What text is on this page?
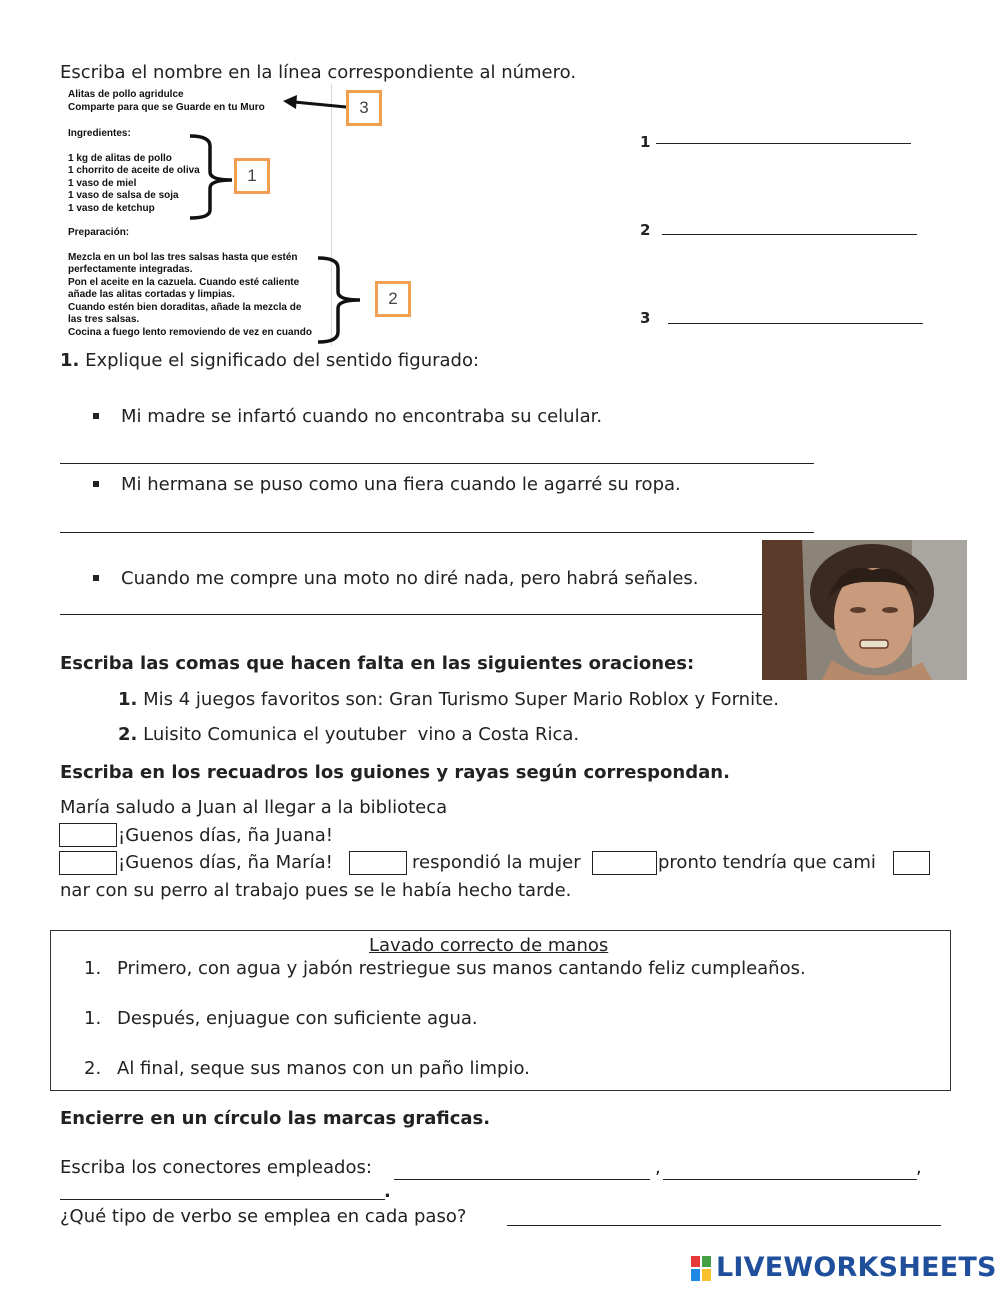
Escriba el nombre en la línea correspondiente al número.
Alitas de pollo agridulce
Comparte para que se Guarde en tu Muro
Ingredientes:
1 kg de alitas de pollo
1 chorrito de aceite de oliva
1 vaso de miel
1 vaso de salsa de soja
1 vaso de ketchup
Preparación:
Mezcla en un bol las tres salsas hasta que estén
perfectamente integradas.
Pon el aceite en la cazuela. Cuando esté caliente
añade las alitas cortadas y limpias.
Cuando estén bien doraditas, añade la mezcla de
las tres salsas.
Cocina a fuego lento removiendo de vez en cuando
3
1
2
1
2
3
1. Explique el significado del sentido figurado:
Mi madre se infartó cuando no encontraba su celular.
Mi hermana se puso como una fiera cuando le agarré su ropa.
Cuando me compre una moto no diré nada, pero habrá señales.
Escriba las comas que hacen falta en las siguientes oraciones:
1. Mis 4 juegos favoritos son: Gran Turismo Super Mario Roblox y Fornite.
2. Luisito Comunica el youtuber  vino a Costa Rica.
Escriba en los recuadros los guiones y rayas según correspondan.
María saludo a Juan al llegar a la biblioteca
¡Guenos días, ña Juana!
¡Guenos días, ña María!	respondió la mujer	pronto tendría que cami
nar con su perro al trabajo pues se le había hecho tarde.
Lavado correcto de manos
1. Primero, con agua y jabón restriegue sus manos cantando feliz cumpleaños.
1. Después, enjuague con suficiente agua.
2. Al final, seque sus manos con un paño limpio.
Encierre en un círculo las marcas graficas.
Escriba los conectores empleados:	,	,
.
¿Qué tipo de verbo se emplea en cada paso?
LIVEWORKSHEETS
